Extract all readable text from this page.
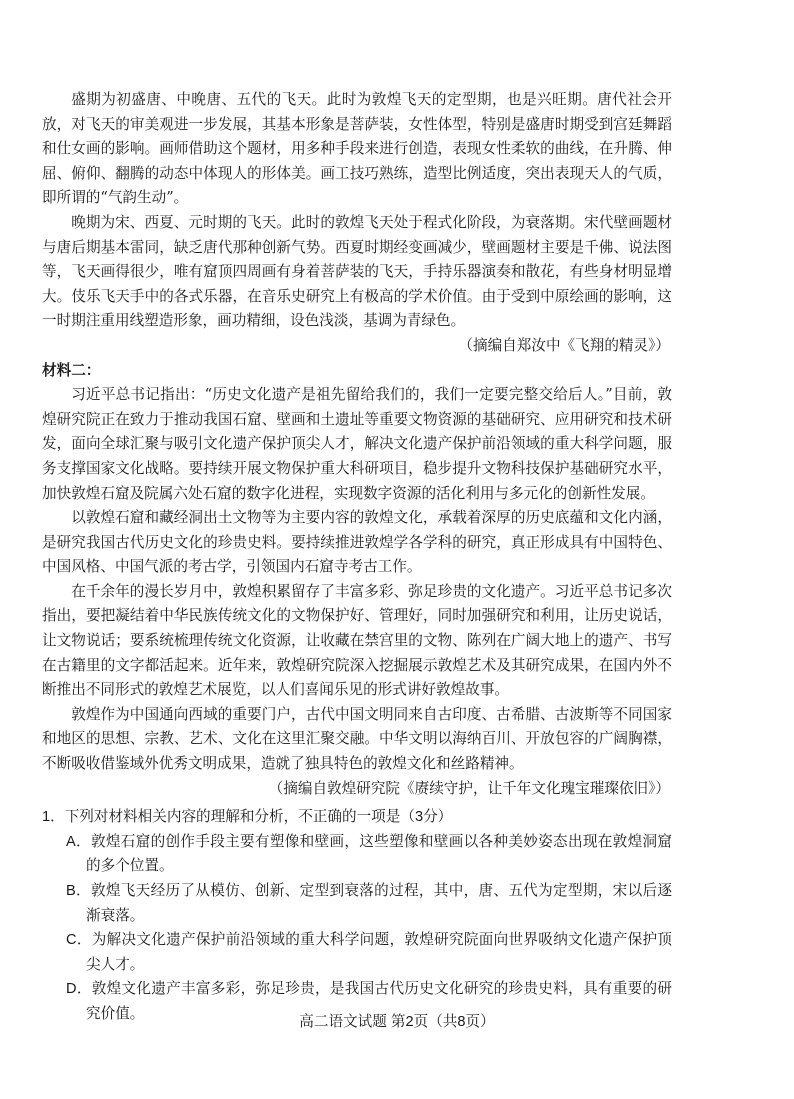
盛期为初盛唐、中晚唐、五代的飞天。此时为敦煌飞天的定型期，也是兴旺期。唐代社会开放，对飞天的审美观进一步发展，其基本形象是菩萨装，女性体型，特别是盛唐时期受到宫廷舞蹈和仕女画的影响。画师借助这个题材，用多种手段来进行创造，表现女性柔软的曲线，在升腾、伸屈、俯仰、翻腾的动态中体现人的形体美。画工技巧熟练，造型比例适度，突出表现天人的气质，即所谓的“气韵生动”。

晚期为宋、西夏、元时期的飞天。此时的敦煌飞天处于程式化阶段，为衰落期。宋代壁画题材与唐后期基本雷同，缺乏唐代那种创新气势。西夏时期经变画减少，壁画题材主要是千佛、说法图等，飞天画得很少，唯有窟顶四周画有身着菩萨装的飞天，手持乐器演奏和散花，有些身材明显增大。伎乐飞天手中的各式乐器，在音乐史研究上有极高的学术价值。由于受到中原绘画的影响，这一时期注重用线塑造形象，画功精细，设色浅淡，基调为青绿色。

（摘编自郑汝中《飞翔的精灵》）

材料二：

习近平总书记指出：“历史文化遗产是祖先留给我们的，我们一定要完整交给后人。”目前，敦煌研究院正在致力于推动我国石窟、壁画和土遗址等重要文物资源的基础研究、应用研究和技术研发，面向全球汇聚与吸引文化遗产保护顶尖人才，解决文化遗产保护前沿领域的重大科学问题，服务支撑国家文化战略。要持续开展文物保护重大科研项目，稳步提升文物科技保护基础研究水平，加快敦煌石窟及院属六处石窟的数字化进程，实现数字资源的活化利用与多元化的创新性发展。

以敦煌石窟和藏经洞出土文物等为主要内容的敦煌文化，承载着深厚的历史底蕴和文化内涵，是研究我国古代历史文化的珍贵史料。要持续推进敦煌学各学科的研究，真正形成具有中国特色、中国风格、中国气派的考古学，引领国内石窟寺考古工作。

在千余年的漫长岁月中，敦煌积累留存了丰富多彩、弥足珍贵的文化遗产。习近平总书记多次指出，要把凝结着中华民族传统文化的文物保护好、管理好，同时加强研究和利用，让历史说话，让文物说话；要系统梳理传统文化资源，让收藏在禁宫里的文物、陈列在广阔大地上的遗产、书写在古籍里的文字都活起来。近年来，敦煌研究院深入挖掘展示敦煌艺术及其研究成果，在国内外不断推出不同形式的敦煌艺术展览，以人们喜闻乐见的形式讲好敦煌故事。

敦煌作为中国通向西域的重要门户，古代中国文明同来自古印度、古希腊、古波斯等不同国家和地区的思想、宗教、艺术、文化在这里汇聚交融。中华文明以海纳百川、开放包容的广阔胸襟，不断吸收借鉴域外优秀文明成果，造就了独具特色的敦煌文化和丝路精神。

（摘编自敦煌研究院《赓续守护，让千年文化瑰宝璀璨依旧》）

1．下列对材料相关内容的理解和分析，不正确的一项是（3分）

A．敦煌石窟的创作手段主要有塑像和壁画，这些塑像和壁画以各种美妙姿态出现在敦煌洞窟的多个位置。

B．敦煌飞天经历了从模仿、创新、定型到衰落的过程，其中，唐、五代为定型期，宋以后逐渐衰落。

C．为解决文化遗产保护前沿领域的重大科学问题，敦煌研究院面向世界吸纳文化遗产保护顶尖人才。

D．敦煌文化遗产丰富多彩，弥足珍贵，是我国古代历史文化研究的珍贵史料，具有重要的研究价值。

高二语文试题 第2页（共8页）
